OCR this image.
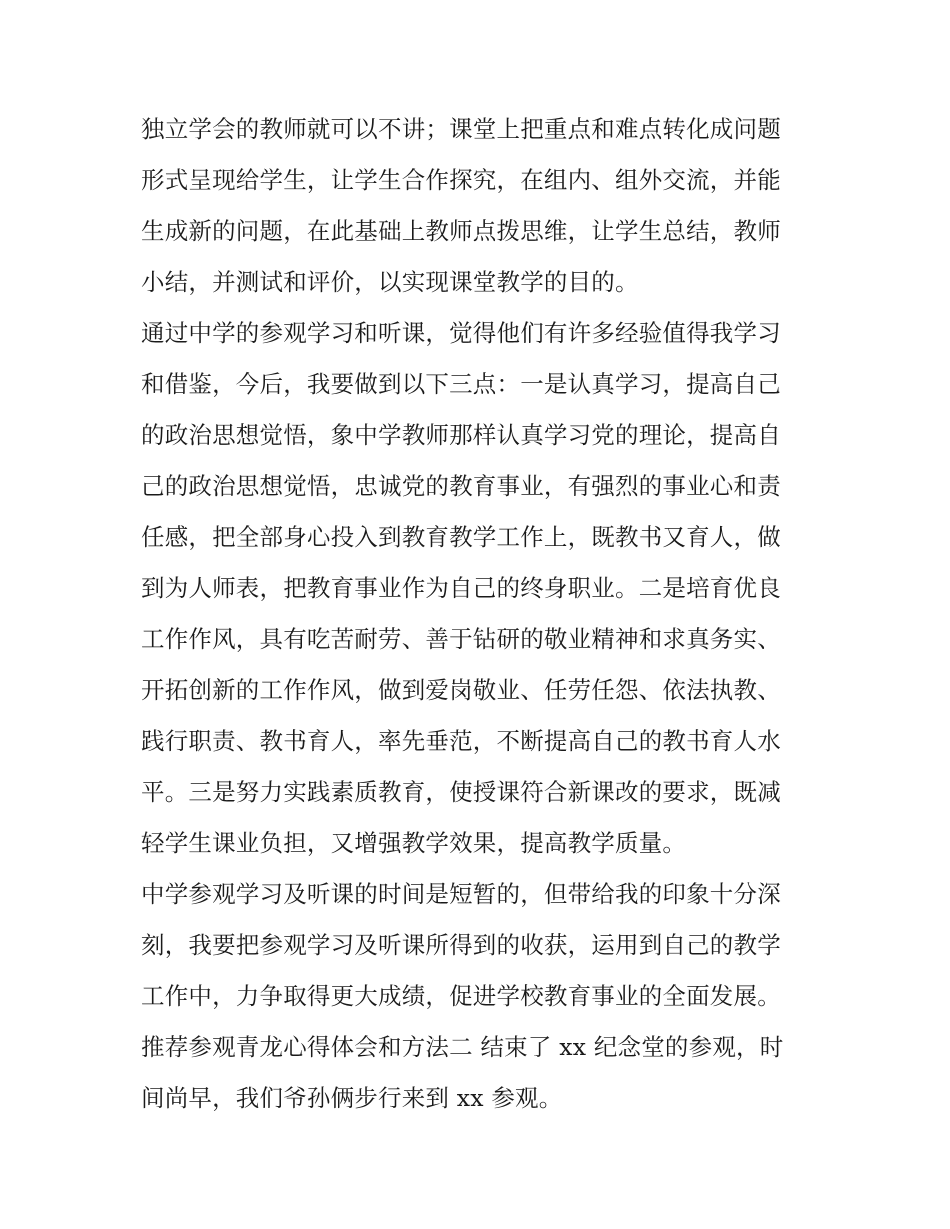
独立学会的教师就可以不讲；课堂上把重点和难点转化成问题
形式呈现给学生，让学生合作探究，在组内、组外交流，并能
生成新的问题，在此基础上教师点拨思维，让学生总结，教师
小结，并测试和评价，以实现课堂教学的目的。
通过中学的参观学习和听课，觉得他们有许多经验值得我学习
和借鉴，今后，我要做到以下三点：一是认真学习，提高自己
的政治思想觉悟，象中学教师那样认真学习党的理论，提高自
己的政治思想觉悟，忠诚党的教育事业，有强烈的事业心和责
任感，把全部身心投入到教育教学工作上，既教书又育人，做
到为人师表，把教育事业作为自己的终身职业。二是培育优良
工作作风，具有吃苦耐劳、善于钻研的敬业精神和求真务实、
开拓创新的工作作风，做到爱岗敬业、任劳任怨、依法执教、
践行职责、教书育人，率先垂范，不断提高自己的教书育人水
平。三是努力实践素质教育，使授课符合新课改的要求，既减
轻学生课业负担，又增强教学效果，提高教学质量。
中学参观学习及听课的时间是短暂的，但带给我的印象十分深
刻，我要把参观学习及听课所得到的收获，运用到自己的教学
工作中，力争取得更大成绩，促进学校教育事业的全面发展。
推荐参观青龙心得体会和方法二 结束了 xx 纪念堂的参观，时
间尚早，我们爷孙俩步行来到 xx 参观。
